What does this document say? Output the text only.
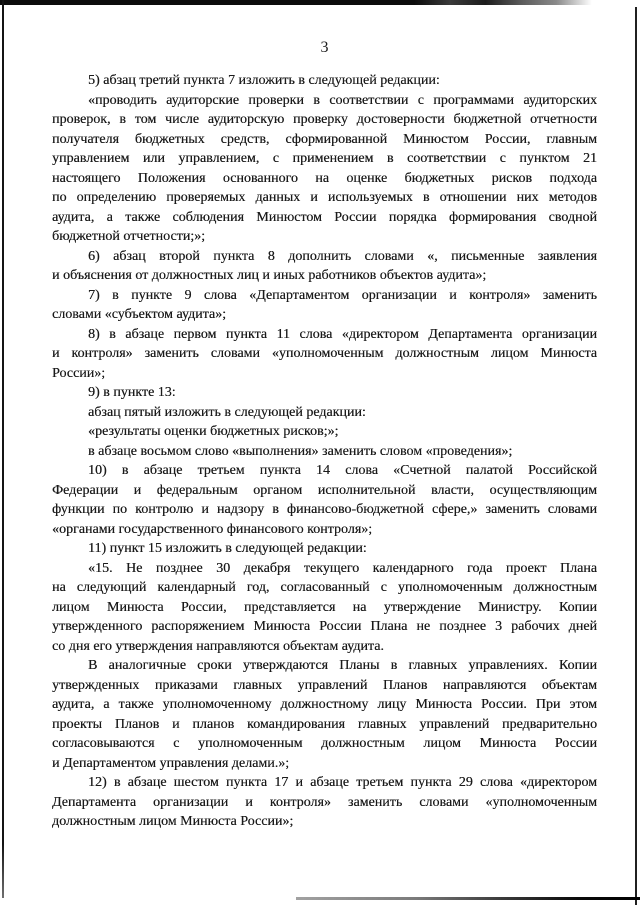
3
5) абзац третий пункта 7 изложить в следующей редакции:
«проводить аудиторские проверки в соответствии с программами аудиторских
проверок, в том числе аудиторскую проверку достоверности бюджетной отчетности
получателя бюджетных средств, сформированной Минюстом России, главным
управлением или управлением, с применением в соответствии с пунктом 21
настоящего Положения основанного на оценке бюджетных рисков подхода
по определению проверяемых данных и используемых в отношении них методов
аудита, а также соблюдения Минюстом России порядка формирования сводной
бюджетной отчетности;»;
6) абзац второй пункта 8 дополнить словами «, письменные заявления
и объяснения от должностных лиц и иных работников объектов аудита»;
7) в пункте 9 слова «Департаментом организации и контроля» заменить
словами «субъектом аудита»;
8) в абзаце первом пункта 11 слова «директором Департамента организации
и контроля» заменить словами «уполномоченным должностным лицом Минюста
России»;
9) в пункте 13:
абзац пятый изложить в следующей редакции:
«результаты оценки бюджетных рисков;»;
в абзаце восьмом слово «выполнения» заменить словом «проведения»;
10) в абзаце третьем пункта 14 слова «Счетной палатой Российской
Федерации и федеральным органом исполнительной власти, осуществляющим
функции по контролю и надзору в финансово-бюджетной сфере,» заменить словами
«органами государственного финансового контроля»;
11) пункт 15 изложить в следующей редакции:
«15. Не позднее 30 декабря текущего календарного года проект Плана
на следующий календарный год, согласованный с уполномоченным должностным
лицом Минюста России, представляется на утверждение Министру. Копии
утвержденного распоряжением Минюста России Плана не позднее 3 рабочих дней
со дня его утверждения направляются объектам аудита.
В аналогичные сроки утверждаются Планы в главных управлениях. Копии
утвержденных приказами главных управлений Планов направляются объектам
аудита, а также уполномоченному должностному лицу Минюста России. При этом
проекты Планов и планов командирования главных управлений предварительно
согласовываются с уполномоченным должностным лицом Минюста России
и Департаментом управления делами.»;
12) в абзаце шестом пункта 17 и абзаце третьем пункта 29 слова «директором
Департамента организации и контроля» заменить словами «уполномоченным
должностным лицом Минюста России»;
